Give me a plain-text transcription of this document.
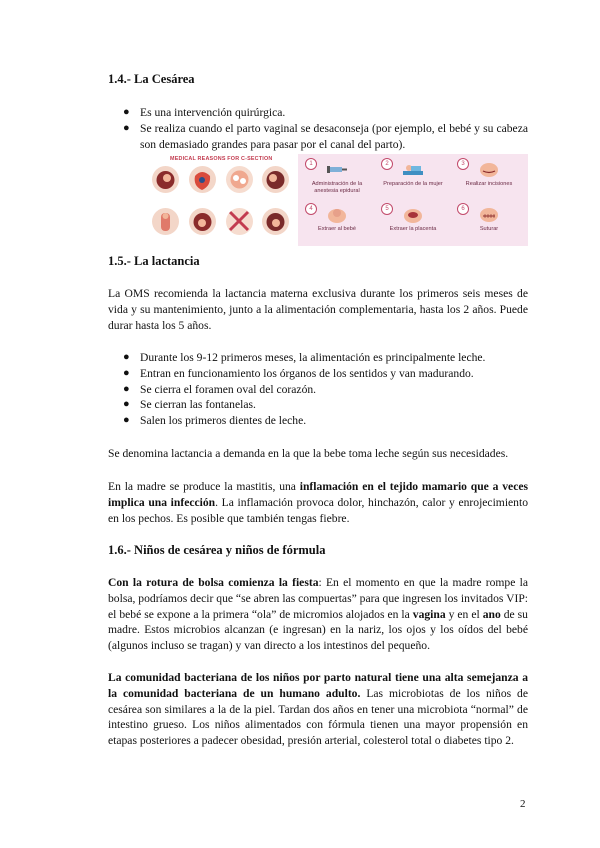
1.4.- La Cesárea
● Es una intervención quirúrgica.
● Se realiza cuando el parto vaginal se desaconseja (por ejemplo, el bebé y su cabeza son demasiado grandes para pasar por el canal del parto).
MEDICAL REASONS FOR C-SECTION
1
Administración de la anestesia epidural
2
Preparación de la mujer
3
Realizar incisiones
4
Extraer al bebé
5
Extraer la placenta
6
Suturar
1.5.- La lactancia

La OMS recomienda la lactancia materna exclusiva durante los primeros seis meses de vida y su mantenimiento, junto a la alimentación complementaria, hasta los 2 años. Puede durar hasta los 5 años.

● Durante los 9-12 primeros meses, la alimentación es principalmente leche.
● Entran en funcionamiento los órganos de los sentidos y van madurando.
● Se cierra el foramen oval del corazón.
● Se cierran las fontanelas.
● Salen los primeros dientes de leche.

Se denomina lactancia a demanda en la que la bebe toma leche según sus necesidades.

En la madre se produce la mastitis, una inflamación en el tejido mamario que a veces implica una infección. La inflamación provoca dolor, hinchazón, calor y enrojecimiento en los pechos. Es posible que también tengas fiebre.

1.6.- Niños de cesárea y niños de fórmula

Con la rotura de bolsa comienza la fiesta: En el momento en que la madre rompe la bolsa, podríamos decir que “se abren las compuertas” para que ingresen los invitados VIP: el bebé se expone a la primera “ola” de micromios alojados en la vagina y en el ano de su madre. Estos microbios alcanzan (e ingresan) en la nariz, los ojos y los oídos del bebé (algunos incluso se tragan) y van directo a los intestinos del pequeño.

La comunidad bacteriana de los niños por parto natural tiene una alta semejanza a la comunidad bacteriana de un humano adulto. Las microbiotas de los niños de cesárea son similares a la de la piel. Tardan dos años en tener una microbiota “normal” de intestino grueso. Los niños alimentados con fórmula tienen una mayor propensión en etapas posteriores a padecer obesidad, presión arterial, colesterol total o diabetes tipo 2.

2
